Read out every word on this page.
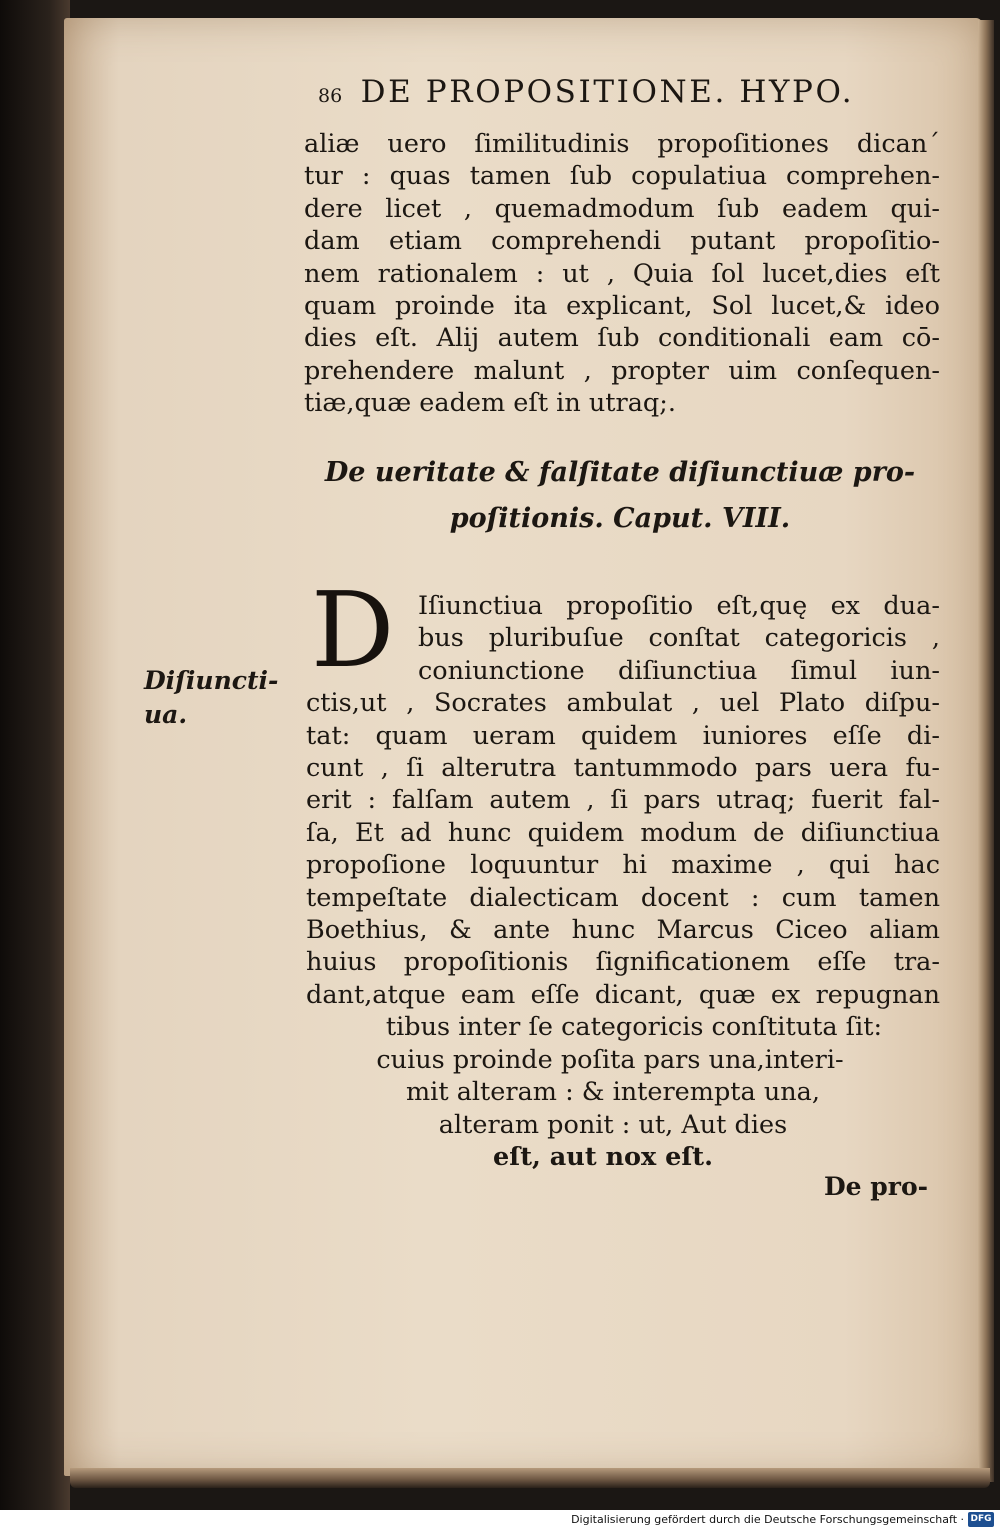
86 DE PROPOSITIONE. HYPO.
aliæ uero ſimilitudinis propoſitiones dican´
tur : quas tamen ſub copulatiua comprehen‐
dere licet , quemadmodum ſub eadem qui‐
dam etiam comprehendi putant propoſitio‐
nem rationalem : ut , Quia ſol lucet,dies eſt
quam proinde ita explicant, Sol lucet,& ideo
dies eſt. Alij autem ſub conditionali eam cō‐
prehendere malunt , propter uim conſequen‐
tiæ,quæ eadem eſt in utraq;.
De ueritate & falſitate diſiunctiuæ pro‐
poſitionis. Caput. VIII.
Diſiuncti‐
ua.
D Iſiunctiua propoſitio eſt,quę ex dua‐
bus pluribuſue conſtat categoricis ,
coniunctione diſiunctiua ſimul iun‐
ctis,ut , Socrates ambulat , uel Plato diſpu‐
tat: quam ueram quidem iuniores eſſe di‐
cunt , ſi alterutra tantummodo pars uera fu‐
erit : falſam autem , ſi pars utraq; fuerit fal‐
ſa, Et ad hunc quidem modum de diſiunctiua
propoſione loquuntur hi maxime , qui hac
tempeſtate dialecticam docent : cum tamen
Boethius, & ante hunc Marcus Ciceo aliam
huius propoſitionis ſignificationem eſſe tra‐
dant,atque eam eſſe dicant, quæ ex repugnan
tibus inter ſe categoricis conſtituta ſit:
cuius proinde poſita pars una,interi‐
mit alteram : & interempta una,
alteram ponit : ut, Aut dies
eſt, aut nox eſt.
De pro‐
Digitalisierung gefördert durch die Deutsche Forschungsgemeinschaft · DFG
